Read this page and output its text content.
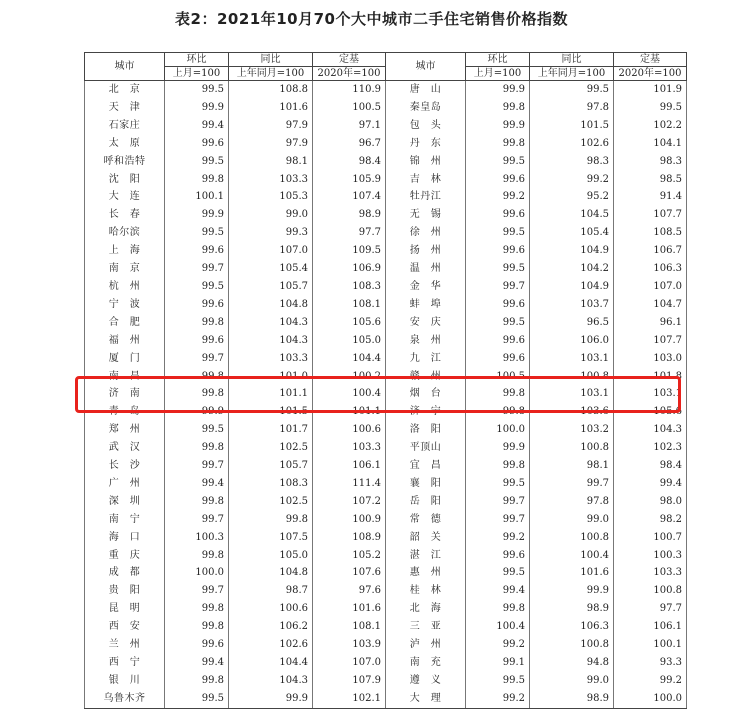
表2：2021年10月70个大中城市二手住宅销售价格指数
城市	环比	同比	定基	城市	环比	同比	定基
	上月=100	上年同月=100	2020年=100		上月=100	上年同月=100	2020年=100
北　京	99.5	108.8	110.9	唐　山	99.9	99.5	101.9
天　津	99.9	101.6	100.5	秦皇岛	99.8	97.8	99.5
石家庄	99.4	97.9	97.1	包　头	99.9	101.5	102.2
太　原	99.6	97.9	96.7	丹　东	99.8	102.6	104.1
呼和浩特	99.5	98.1	98.4	锦　州	99.5	98.3	98.3
沈　阳	99.8	103.3	105.9	吉　林	99.6	99.2	98.5
大　连	100.1	105.3	107.4	牡丹江	99.2	95.2	91.4
长　春	99.9	99.0	98.9	无　锡	99.6	104.5	107.7
哈尔滨	99.5	99.3	97.7	徐　州	99.5	105.4	108.5
上　海	99.6	107.0	109.5	扬　州	99.6	104.9	106.7
南　京	99.7	105.4	106.9	温　州	99.5	104.2	106.3
杭　州	99.5	105.7	108.3	金　华	99.7	104.9	107.0
宁　波	99.6	104.8	108.1	蚌　埠	99.6	103.7	104.7
合　肥	99.8	104.3	105.6	安　庆	99.5	96.5	96.1
福　州	99.6	104.3	105.0	泉　州	99.6	106.0	107.7
厦　门	99.7	103.3	104.4	九　江	99.6	103.1	103.0
南　昌	99.8	101.0	100.2	赣　州	100.5	100.8	101.8
济　南	99.8	101.1	100.4	烟　台	99.8	103.1	103.1
青　岛	99.9	101.5	101.1	济　宁	99.8	103.6	105.6
郑　州	99.5	101.7	100.6	洛　阳	100.0	103.2	104.3
武　汉	99.8	102.5	103.3	平顶山	99.9	100.8	102.3
长　沙	99.7	105.7	106.1	宜　昌	99.8	98.1	98.4
广　州	99.4	108.3	111.4	襄　阳	99.5	99.7	99.4
深　圳	99.8	102.5	107.2	岳　阳	99.7	97.8	98.0
南　宁	99.7	99.8	100.9	常　德	99.7	99.0	98.2
海　口	100.3	107.5	108.9	韶　关	99.2	100.8	100.7
重　庆	99.8	105.0	105.2	湛　江	99.6	100.4	100.3
成　都	100.0	104.8	107.6	惠　州	99.5	101.6	103.3
贵　阳	99.7	98.7	97.6	桂　林	99.4	99.9	100.8
昆　明	99.8	100.6	101.6	北　海	99.8	98.9	97.7
西　安	99.8	106.2	108.1	三　亚	100.4	106.3	106.1
兰　州	99.6	102.6	103.9	泸　州	99.2	100.8	100.1
西　宁	99.4	104.4	107.0	南　充	99.1	94.8	93.3
银　川	99.8	104.3	107.9	遵　义	99.5	99.0	99.2
乌鲁木齐	99.5	99.9	102.1	大　理	99.2	98.9	100.0
